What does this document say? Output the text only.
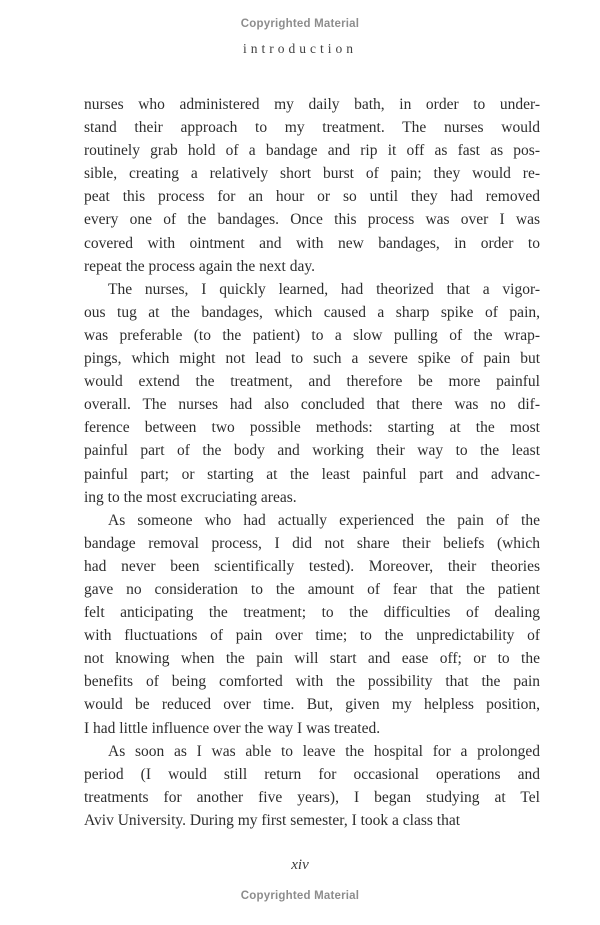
Copyrighted Material
introduction
nurses who administered my daily bath, in order to under-
stand their approach to my treatment. The nurses would
routinely grab hold of a bandage and rip it off as fast as pos-
sible, creating a relatively short burst of pain; they would re-
peat this process for an hour or so until they had removed
every one of the bandages. Once this process was over I was
covered with ointment and with new bandages, in order to
repeat the process again the next day.
The nurses, I quickly learned, had theorized that a vigor-
ous tug at the bandages, which caused a sharp spike of pain,
was preferable (to the patient) to a slow pulling of the wrap-
pings, which might not lead to such a severe spike of pain but
would extend the treatment, and therefore be more painful
overall. The nurses had also concluded that there was no dif-
ference between two possible methods: starting at the most
painful part of the body and working their way to the least
painful part; or starting at the least painful part and advanc-
ing to the most excruciating areas.
As someone who had actually experienced the pain of the
bandage removal process, I did not share their beliefs (which
had never been scientifically tested). Moreover, their theories
gave no consideration to the amount of fear that the patient
felt anticipating the treatment; to the difficulties of dealing
with fluctuations of pain over time; to the unpredictability of
not knowing when the pain will start and ease off; or to the
benefits of being comforted with the possibility that the pain
would be reduced over time. But, given my helpless position,
I had little influence over the way I was treated.
As soon as I was able to leave the hospital for a prolonged
period (I would still return for occasional operations and
treatments for another five years), I began studying at Tel
Aviv University. During my first semester, I took a class that
xiv
Copyrighted Material
